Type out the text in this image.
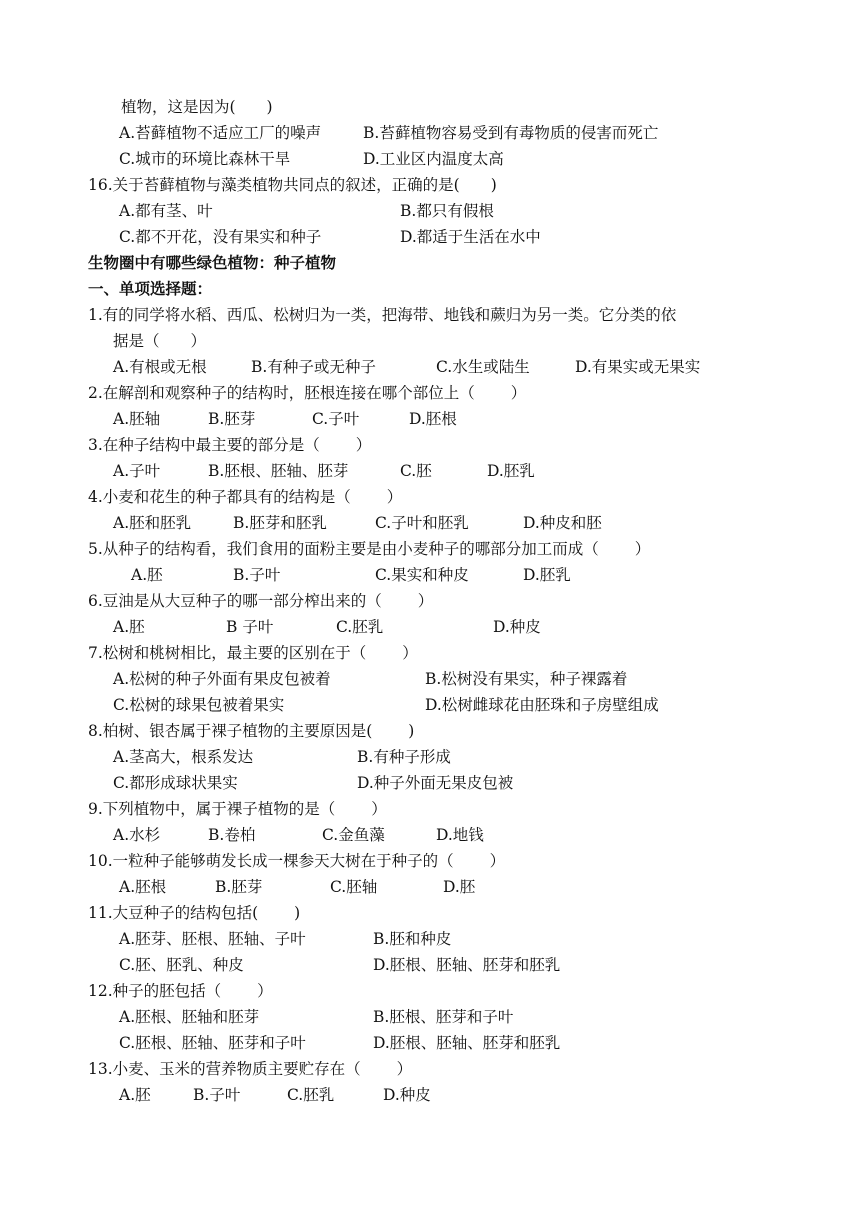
植物，这是因为(　　)
A.苔藓植物不适应工厂的噪声	B.苔藓植物容易受到有毒物质的侵害而死亡
C.城市的环境比森林干旱	D.工业区内温度太高
16.关于苔藓植物与藻类植物共同点的叙述，正确的是(　　)
A.都有茎、叶	B.都只有假根
C.都不开花，没有果实和种子	D.都适于生活在水中
生物圈中有哪些绿色植物：种子植物
一、单项选择题：
1.有的同学将水稻、西瓜、松树归为一类，把海带、地钱和蕨归为另一类。它分类的依
据是（　　）
A.有根或无根	B.有种子或无种子	C.水生或陆生	D.有果实或无果实
2.在解剖和观察种子的结构时，胚根连接在哪个部位上（　　 ）
A.胚轴	B.胚芽	C.子叶	D.胚根
3.在种子结构中最主要的部分是（　　 ）
A.子叶	B.胚根、胚轴、胚芽	C.胚	D.胚乳
4.小麦和花生的种子都具有的结构是（　　 ）
A.胚和胚乳	B.胚芽和胚乳	C.子叶和胚乳	D.种皮和胚
5.从种子的结构看，我们食用的面粉主要是由小麦种子的哪部分加工而成（　　 ）
A.胚	B.子叶	C.果实和种皮	D.胚乳
6.豆油是从大豆种子的哪一部分榨出来的（　　 ）
A.胚	B 子叶	C.胚乳	D.种皮
7.松树和桃树相比，最主要的区别在于（　　 ）
A.松树的种子外面有果皮包被着	B.松树没有果实，种子裸露着
C.松树的球果包被着果实	D.松树雌球花由胚珠和子房壁组成
8.柏树、银杏属于裸子植物的主要原因是(　　 )
A.茎高大，根系发达	B.有种子形成
C.都形成球状果实	D.种子外面无果皮包被
9.下列植物中，属于裸子植物的是（　　 ）
A.水杉	B.卷柏	C.金鱼藻	D.地钱
10.一粒种子能够萌发长成一棵参天大树在于种子的（　　 ）
A.胚根	B.胚芽	C.胚轴	D.胚
11.大豆种子的结构包括(　　 )
A.胚芽、胚根、胚轴、子叶	B.胚和种皮
C.胚、胚乳、种皮	D.胚根、胚轴、胚芽和胚乳
12.种子的胚包括（　　 ）
A.胚根、胚轴和胚芽	B.胚根、胚芽和子叶
C.胚根、胚轴、胚芽和子叶	D.胚根、胚轴、胚芽和胚乳
13.小麦、玉米的营养物质主要贮存在（　　 ）
A.胚	B.子叶	C.胚乳	D.种皮
